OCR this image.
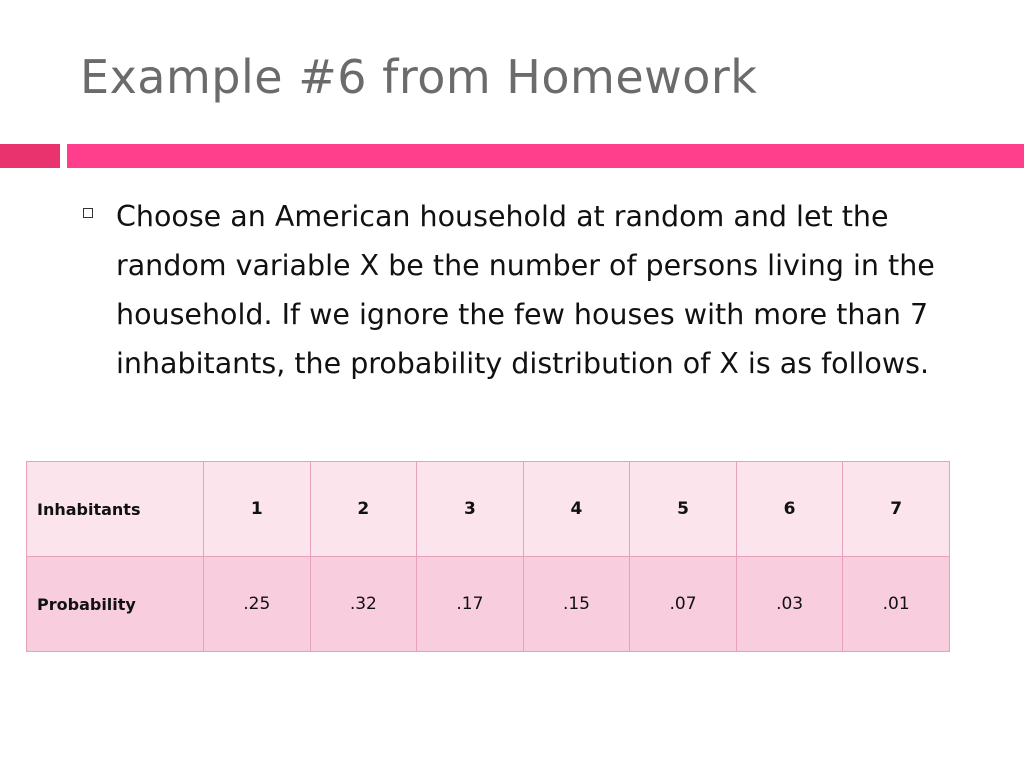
Example #6 from Homework
Choose an American household at random and let the random variable X be the number of persons living in the household. If we ignore the few houses with more than 7 inhabitants, the probability distribution of X is as follows.
Inhabitants	1	2	3	4	5	6	7
Probability	.25	.32	.17	.15	.07	.03	.01
